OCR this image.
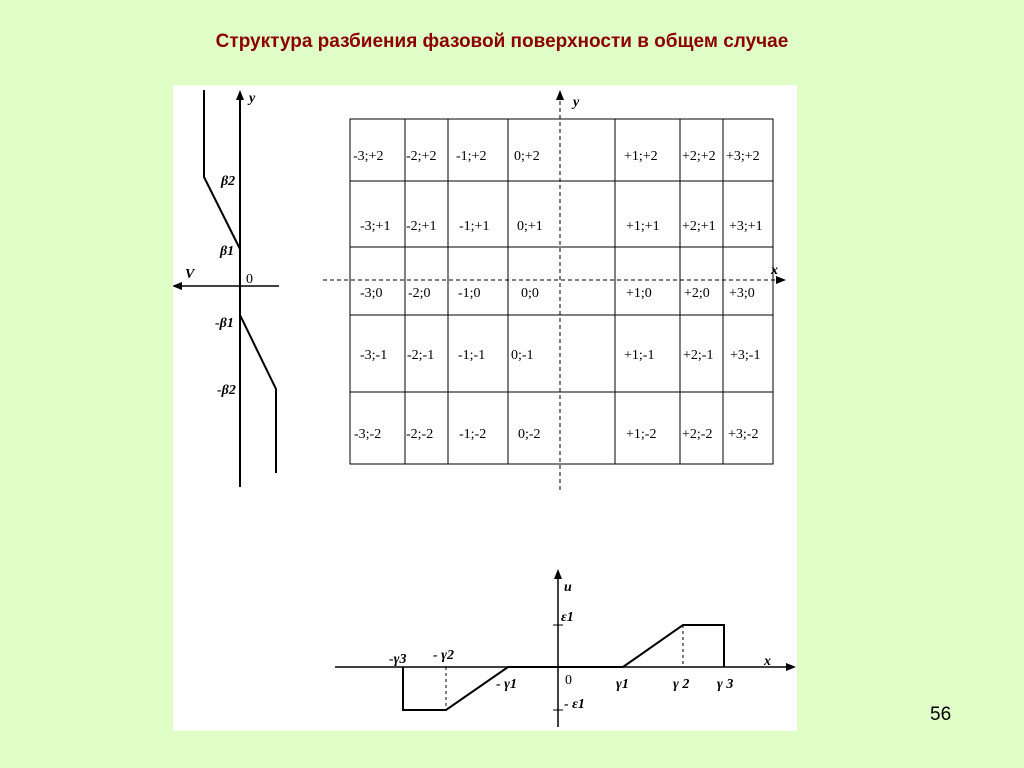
Структура разбиения фазовой поверхности в общем случае
y
V	0
β2
β1
-β1
-β2
y
x
-3;+2 -2;+2 -1;+2 0;+2	+1;+2 +2;+2 +3;+2
-3;+1 -2;+1 -1;+1 0;+1	+1;+1 +2;+1 +3;+1
-3;0 -2;0 -1;0	0;0	+1;0 +2;0 +3;0
-3;-1 -2;-1 -1;-1 0;-1	+1;-1 +2;-1 +3;-1
-3;-2 -2;-2 -1;-2 0;-2	+1;-2 +2;-2 +3;-2
u
x
0
ε1
- ε1
-γ3 - γ2
- γ1	γ1	γ 2 γ 3
56
